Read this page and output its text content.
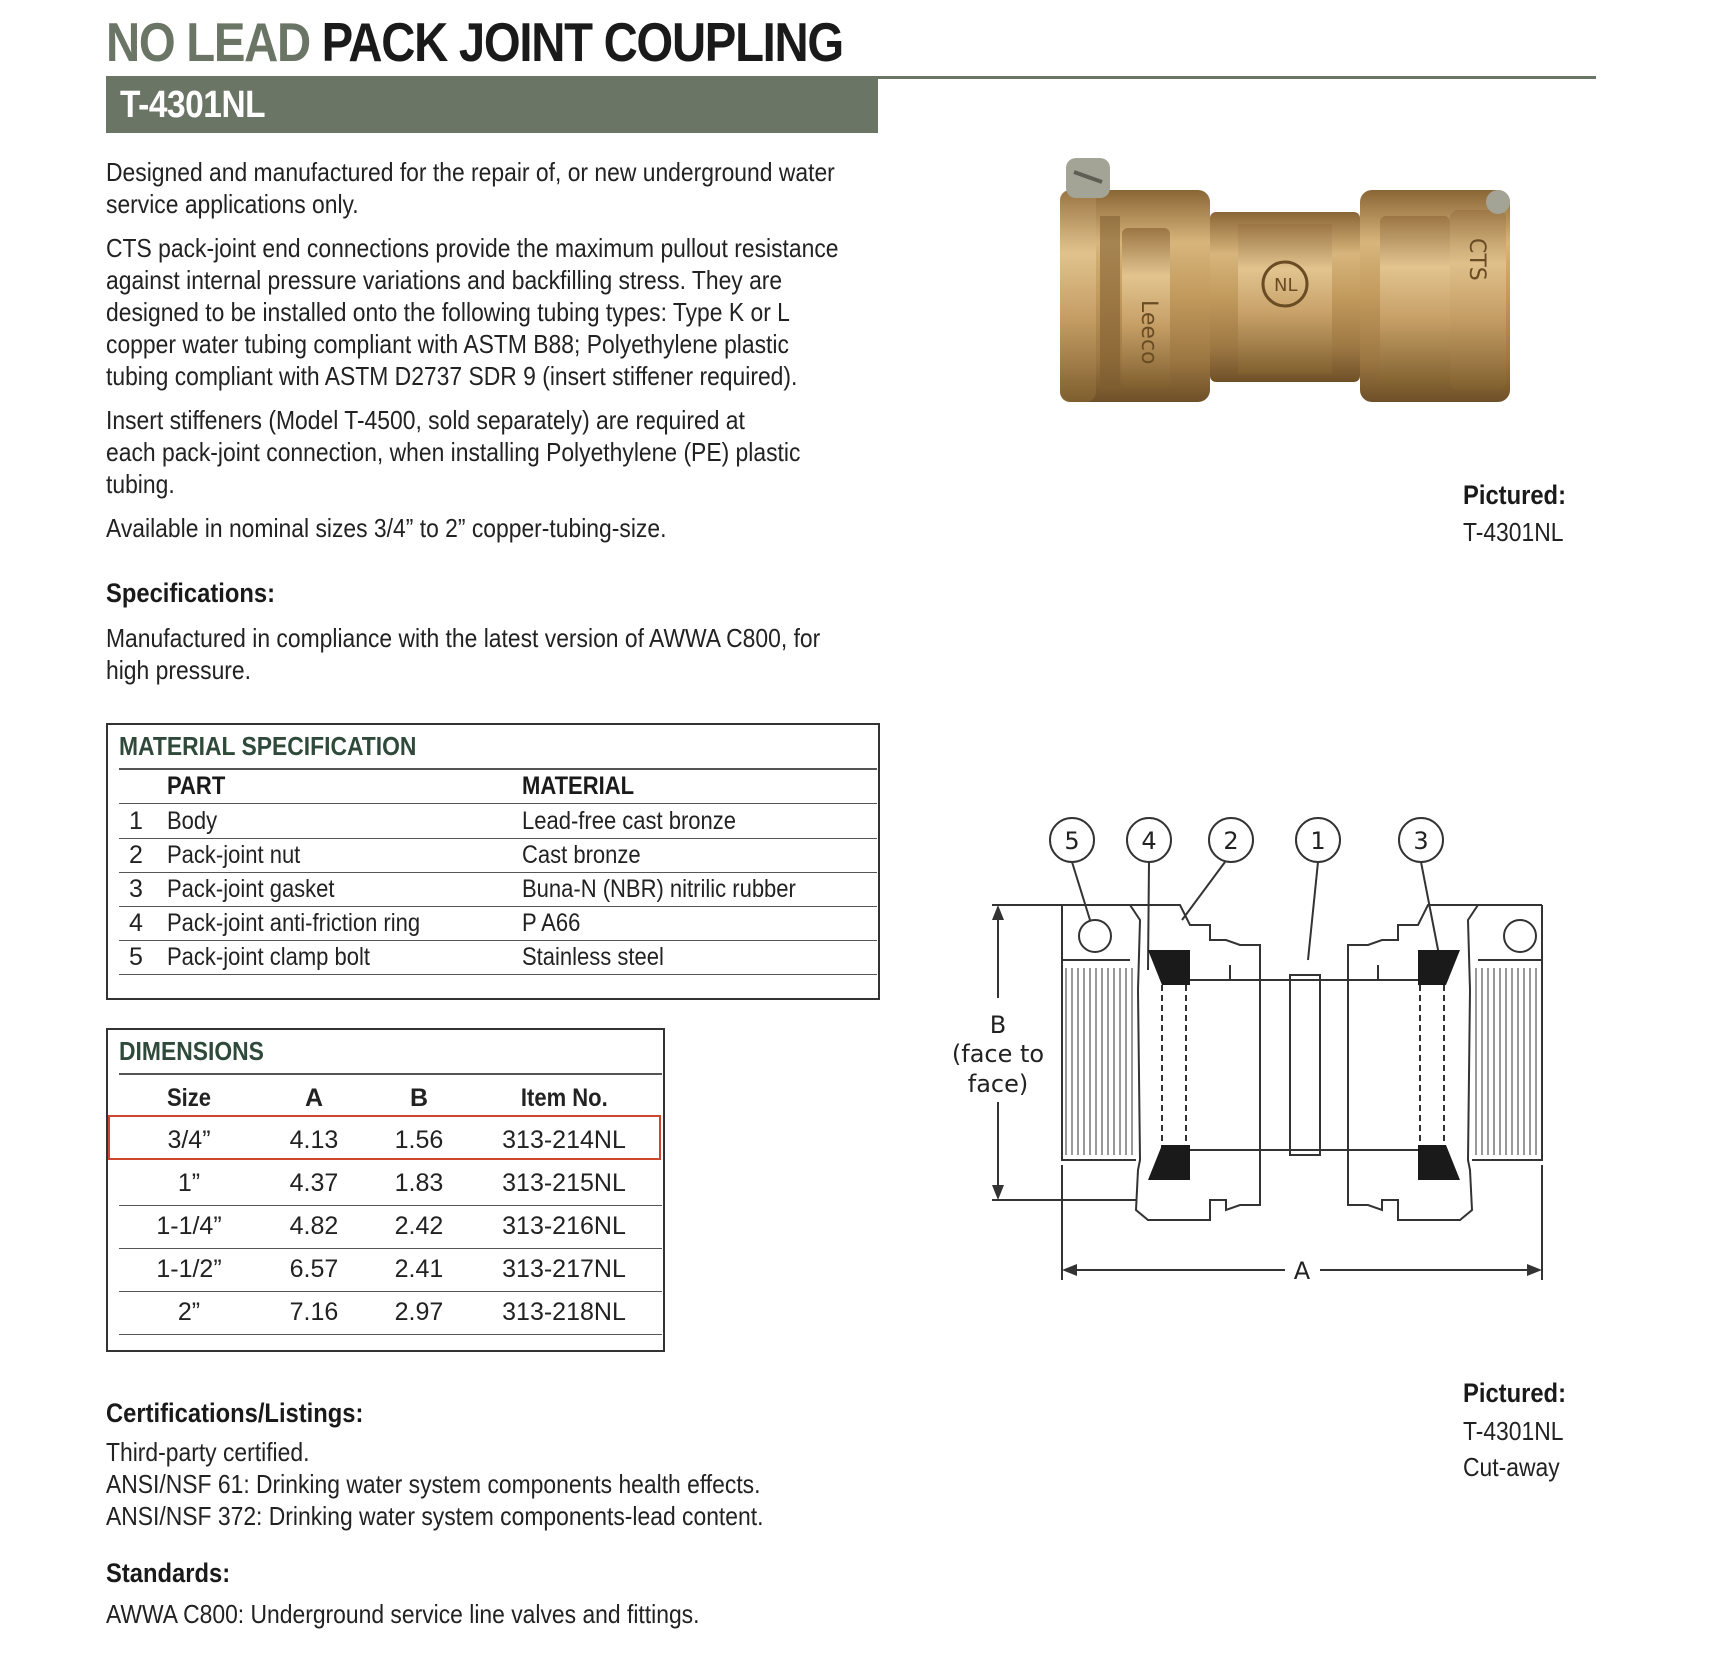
NO LEAD PACK JOINT COUPLING
T-4301NL
Designed and manufactured for the repair of, or new underground water
service applications only.
CTS pack-joint end connections provide the maximum pullout resistance
against internal pressure variations and backfilling stress. They are
designed to be installed onto the following tubing types: Type K or L
copper water tubing compliant with ASTM B88; Polyethylene plastic
tubing compliant with ASTM D2737 SDR 9 (insert stiffener required).
Insert stiffeners (Model T-4500, sold separately) are required at
each pack-joint connection, when installing Polyethylene (PE) plastic
tubing.
Available in nominal sizes 3/4” to 2” copper-tubing-size.
Specifications:
Manufactured in compliance with the latest version of AWWA C800, for
high pressure.
MATERIAL SPECIFICATION
PART	MATERIAL
1 Body	Lead-free cast bronze
2 Pack-joint nut	Cast bronze
3 Pack-joint gasket	Buna-N (NBR) nitrilic rubber
4 Pack-joint anti-friction ring	P A66
5 Pack-joint clamp bolt	Stainless steel
DIMENSIONS
Size	A	B	Item No.
3/4”	4.13	1.56	313-214NL
1”	4.37	1.83	313-215NL
1-1/4”	4.82	2.42	313-216NL
1-1/2”	6.57	2.41	313-217NL
2”	7.16	2.97	313-218NL
Certifications/Listings:
Third-party certified.
ANSI/NSF 61: Drinking water system components health effects.
ANSI/NSF 372: Drinking water system components-lead content.
Standards:
AWWA C800: Underground service line valves and fittings.
Leeco
NL
CTS
Pictured:
T-4301NL
5	4	2	1	3
B
(face to
face)
A
Pictured:
T-4301NL
Cut-away
